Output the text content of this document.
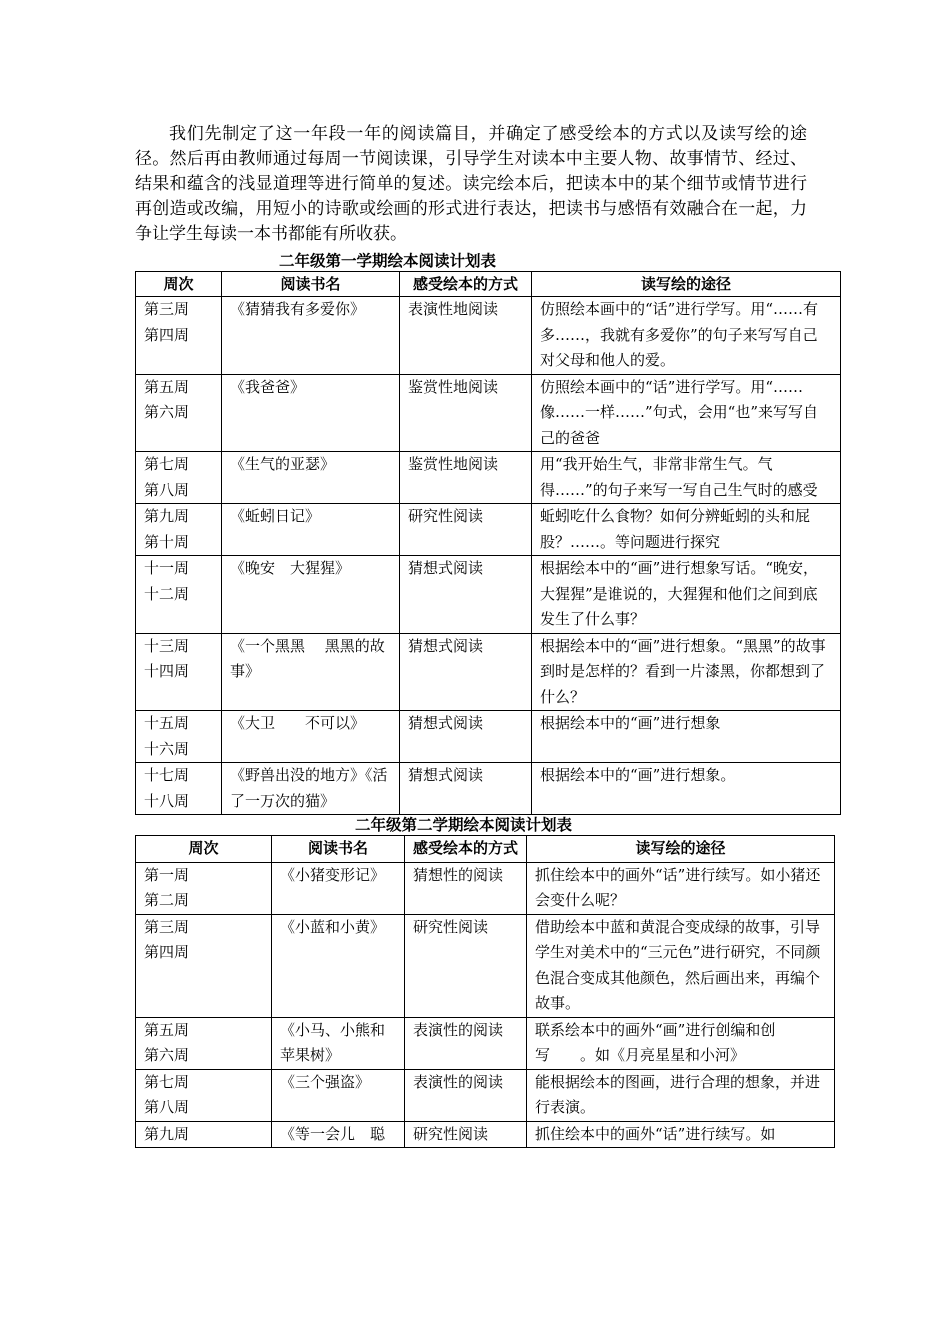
我们先制定了这一年段一年的阅读篇目，并确定了感受绘本的方式以及读写绘的途径。然后再由教师通过每周一节阅读课，引导学生对读本中主要人物、故事情节、经过、结果和蕴含的浅显道理等进行简单的复述。读完绘本后，把读本中的某个细节或情节进行再创造或改编，用短小的诗歌或绘画的形式进行表达，把读书与感悟有效融合在一起，力争让学生每读一本书都能有所收获。

二年级第一学期绘本阅读计划表
周次	阅读书名	感受绘本的方式	读写绘的途径

第三周
第四周	《猜猜我有多爱你》	表演性地阅读	仿照绘本画中的“话”进行学写。用“……有多……，我就有多爱你”的句子来写写自己对父母和他人的爱。

第五周
第六周	《我爸爸》	鉴赏性地阅读	仿照绘本画中的“话”进行学写。用“……像……一样……”句式，会用“也”来写写自己的爸爸

第七周
第八周	《生气的亚瑟》	鉴赏性地阅读	用“我开始生气，非常非常生气。气得……”的句子来写一写自己生气时的感受

第九周
第十周	《蚯蚓日记》	研究性阅读	蚯蚓吃什么食物？如何分辨蚯蚓的头和屁股？……。等问题进行探究

十一周
十二周	《晚安　大猩猩》	猜想式阅读	根据绘本中的“画”进行想象写话。“晚安，大猩猩”是谁说的，大猩猩和他们之间到底发生了什么事？

十三周
十四周	《一个黑黑　 黑黑的故事》	猜想式阅读	根据绘本中的“画”进行想象。“黑黑”的故事到时是怎样的？看到一片漆黑，你都想到了什么？

十五周
十六周	《大卫　　不可以》	猜想式阅读	根据绘本中的“画”进行想象

十七周
十八周	《野兽出没的地方》《活了一万次的猫》	猜想式阅读	根据绘本中的“画”进行想象。
二年级第二学期绘本阅读计划表
周次	阅读书名	感受绘本的方式	读写绘的途径

第一周
第二周	《小猪变形记》	猜想性的阅读	抓住绘本中的画外“话”进行续写。如小猪还会变什么呢？

第三周
第四周	《小蓝和小黄》	研究性阅读	借助绘本中蓝和黄混合变成绿的故事，引导学生对美术中的“三元色”进行研究，不同颜色混合变成其他颜色，然后画出来，再编个故事。

第五周
第六周	《小马、小熊和苹果树》	表演性的阅读	联系绘本中的画外“画”进行创编和创写　　。如《月亮星星和小河》

第七周
第八周	《三个强盗》	表演性的阅读	能根据绘本的图画，进行合理的想象，并进行表演。

第九周	《等一会儿　聪	研究性阅读	抓住绘本中的画外“话”进行续写。如
